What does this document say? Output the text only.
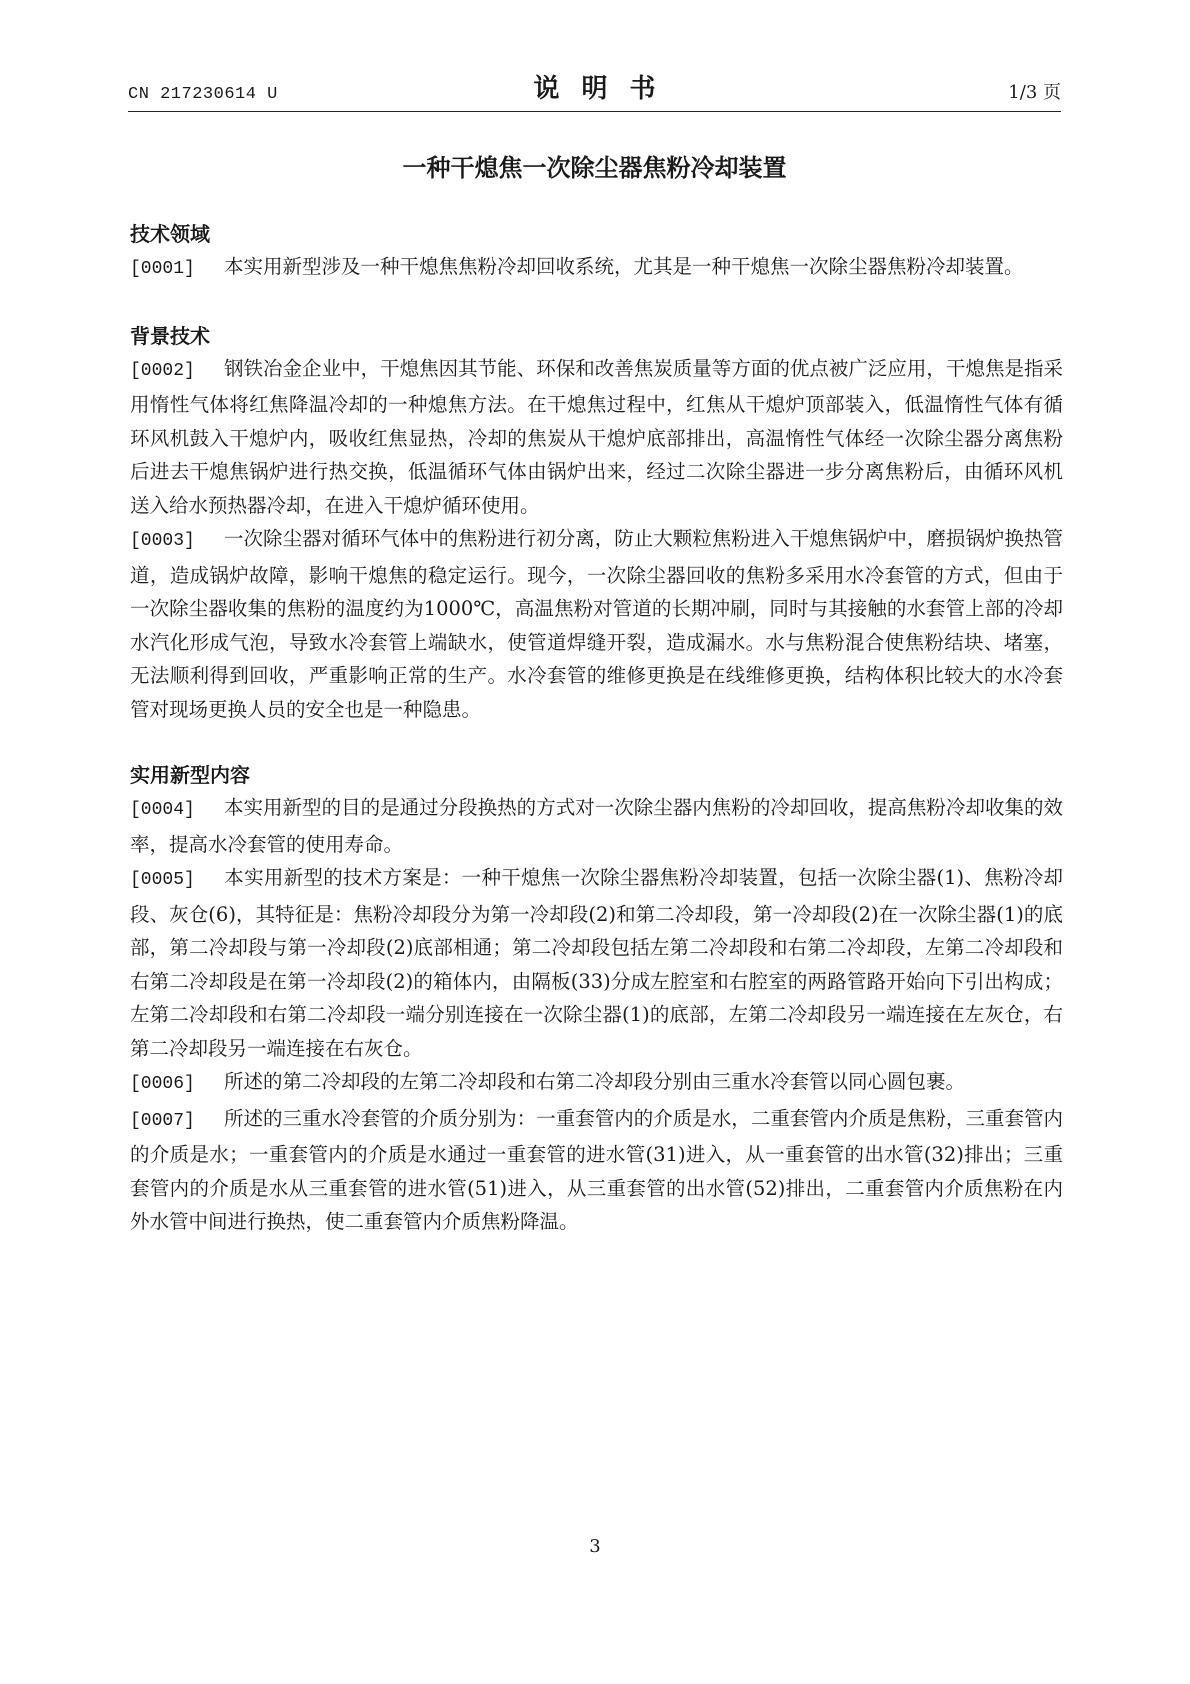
CN 217230614 U	说明书	1/3 页
一种干熄焦一次除尘器焦粉冷却装置
技术领域

[0001] 本实用新型涉及一种干熄焦焦粉冷却回收系统，尤其是一种干熄焦一次除尘器焦粉冷却装置。

背景技术

[0002] 钢铁冶金企业中，干熄焦因其节能、环保和改善焦炭质量等方面的优点被广泛应用，干熄焦是指采用惰性气体将红焦降温冷却的一种熄焦方法。在干熄焦过程中，红焦从干熄炉顶部装入，低温惰性气体有循环风机鼓入干熄炉内，吸收红焦显热，冷却的焦炭从干熄炉底部排出，高温惰性气体经一次除尘器分离焦粉后进去干熄焦锅炉进行热交换，低温循环气体由锅炉出来，经过二次除尘器进一步分离焦粉后，由循环风机送入给水预热器冷却，在进入干熄炉循环使用。

[0003] 一次除尘器对循环气体中的焦粉进行初分离，防止大颗粒焦粉进入干熄焦锅炉中，磨损锅炉换热管道，造成锅炉故障，影响干熄焦的稳定运行。现今，一次除尘器回收的焦粉多采用水冷套管的方式，但由于一次除尘器收集的焦粉的温度约为1000℃，高温焦粉对管道的长期冲刷，同时与其接触的水套管上部的冷却水汽化形成气泡，导致水冷套管上端缺水，使管道焊缝开裂，造成漏水。水与焦粉混合使焦粉结块、堵塞，无法顺利得到回收，严重影响正常的生产。水冷套管的维修更换是在线维修更换，结构体积比较大的水冷套管对现场更换人员的安全也是一种隐患。

实用新型内容

[0004] 本实用新型的目的是通过分段换热的方式对一次除尘器内焦粉的冷却回收，提高焦粉冷却收集的效率，提高水冷套管的使用寿命。

[0005] 本实用新型的技术方案是：一种干熄焦一次除尘器焦粉冷却装置，包括一次除尘器(1)、焦粉冷却段、灰仓(6)，其特征是：焦粉冷却段分为第一冷却段(2)和第二冷却段，第一冷却段(2)在一次除尘器(1)的底部，第二冷却段与第一冷却段(2)底部相通；第二冷却段包括左第二冷却段和右第二冷却段，左第二冷却段和右第二冷却段是在第一冷却段(2)的箱体内，由隔板(33)分成左腔室和右腔室的两路管路开始向下引出构成；左第二冷却段和右第二冷却段一端分别连接在一次除尘器(1)的底部，左第二冷却段另一端连接在左灰仓，右第二冷却段另一端连接在右灰仓。

[0006] 所述的第二冷却段的左第二冷却段和右第二冷却段分别由三重水冷套管以同心圆包裹。

[0007] 所述的三重水冷套管的介质分别为：一重套管内的介质是水，二重套管内介质是焦粉，三重套管内的介质是水；一重套管内的介质是水通过一重套管的进水管(31)进入，从一重套管的出水管(32)排出；三重套管内的介质是水从三重套管的进水管(51)进入，从三重套管的出水管(52)排出，二重套管内介质焦粉在内外水管中间进行换热，使二重套管内介质焦粉降温。

3
